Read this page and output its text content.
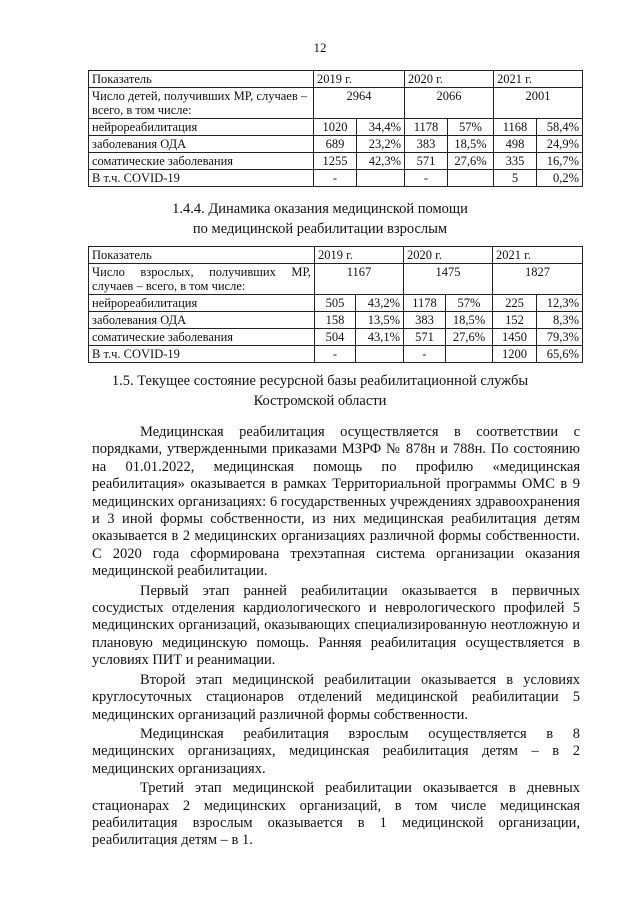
12
Показатель	2019 г.		2020 г.		2021 г.	
Число детей, получивших МР, случаев – всего, в том числе:	2964		2066		2001	
нейрореабилитация	1020	34,4%	1178	57%	1168	58,4%
заболевания ОДА	689	23,2%	383	18,5%	498	24,9%
соматические заболевания	1255	42,3%	571	27,6%	335	16,7%
В т.ч. COVID-19	-		-		5	0,2%
1.4.4. Динамика оказания медицинской помощи
по медицинской реабилитации взрослым
Показатель	2019 г.		2020 г.		2021 г.	

Число взрослых, получивших МР,
случаев – всего, в том числе:	1167		1475		1827	
нейрореабилитация	505	43,2%	1178	57%	225	12,3%
заболевания ОДА	158	13,5%	383	18,5%	152	8,3%
соматические заболевания	504	43,1%	571	27,6%	1450	79,3%
В т.ч. COVID-19	-		-		1200	65,6%
1.5. Текущее состояние ресурсной базы реабилитационной службы
Костромской области

Медицинская реабилитация осуществляется в соответствии с порядками, утвержденными приказами МЗРФ № 878н и 788н. По состоянию на 01.01.2022, медицинская помощь по профилю «медицинская реабилитация» оказывается в рамках Территориальной программы ОМС в 9 медицинских организациях: 6 государственных учреждениях здравоохранения и 3 иной формы собственности, из них медицинская реабилитация детям оказывается в 2 медицинских организациях различной формы собственности. С 2020 года сформирована трехэтапная система организации оказания медицинской реабилитации.

Первый этап ранней реабилитации оказывается в первичных сосудистых отделения кардиологического и неврологического профилей 5 медицинских организаций, оказывающих специализированную неотложную и плановую медицинскую помощь. Ранняя реабилитация осуществляется в условиях ПИТ и реанимации.

Второй этап медицинской реабилитации оказывается в условиях круглосуточных стационаров отделений медицинской реабилитации 5 медицинских организаций различной формы собственности.

Медицинская реабилитация взрослым осуществляется в 8 медицинских организациях, медицинская реабилитация детям – в 2 медицинских организациях.

Третий этап медицинской реабилитации оказывается в дневных стационарах 2 медицинских организаций, в том числе медицинская реабилитация взрослым оказывается в 1 медицинской организации, реабилитация детям – в 1.
